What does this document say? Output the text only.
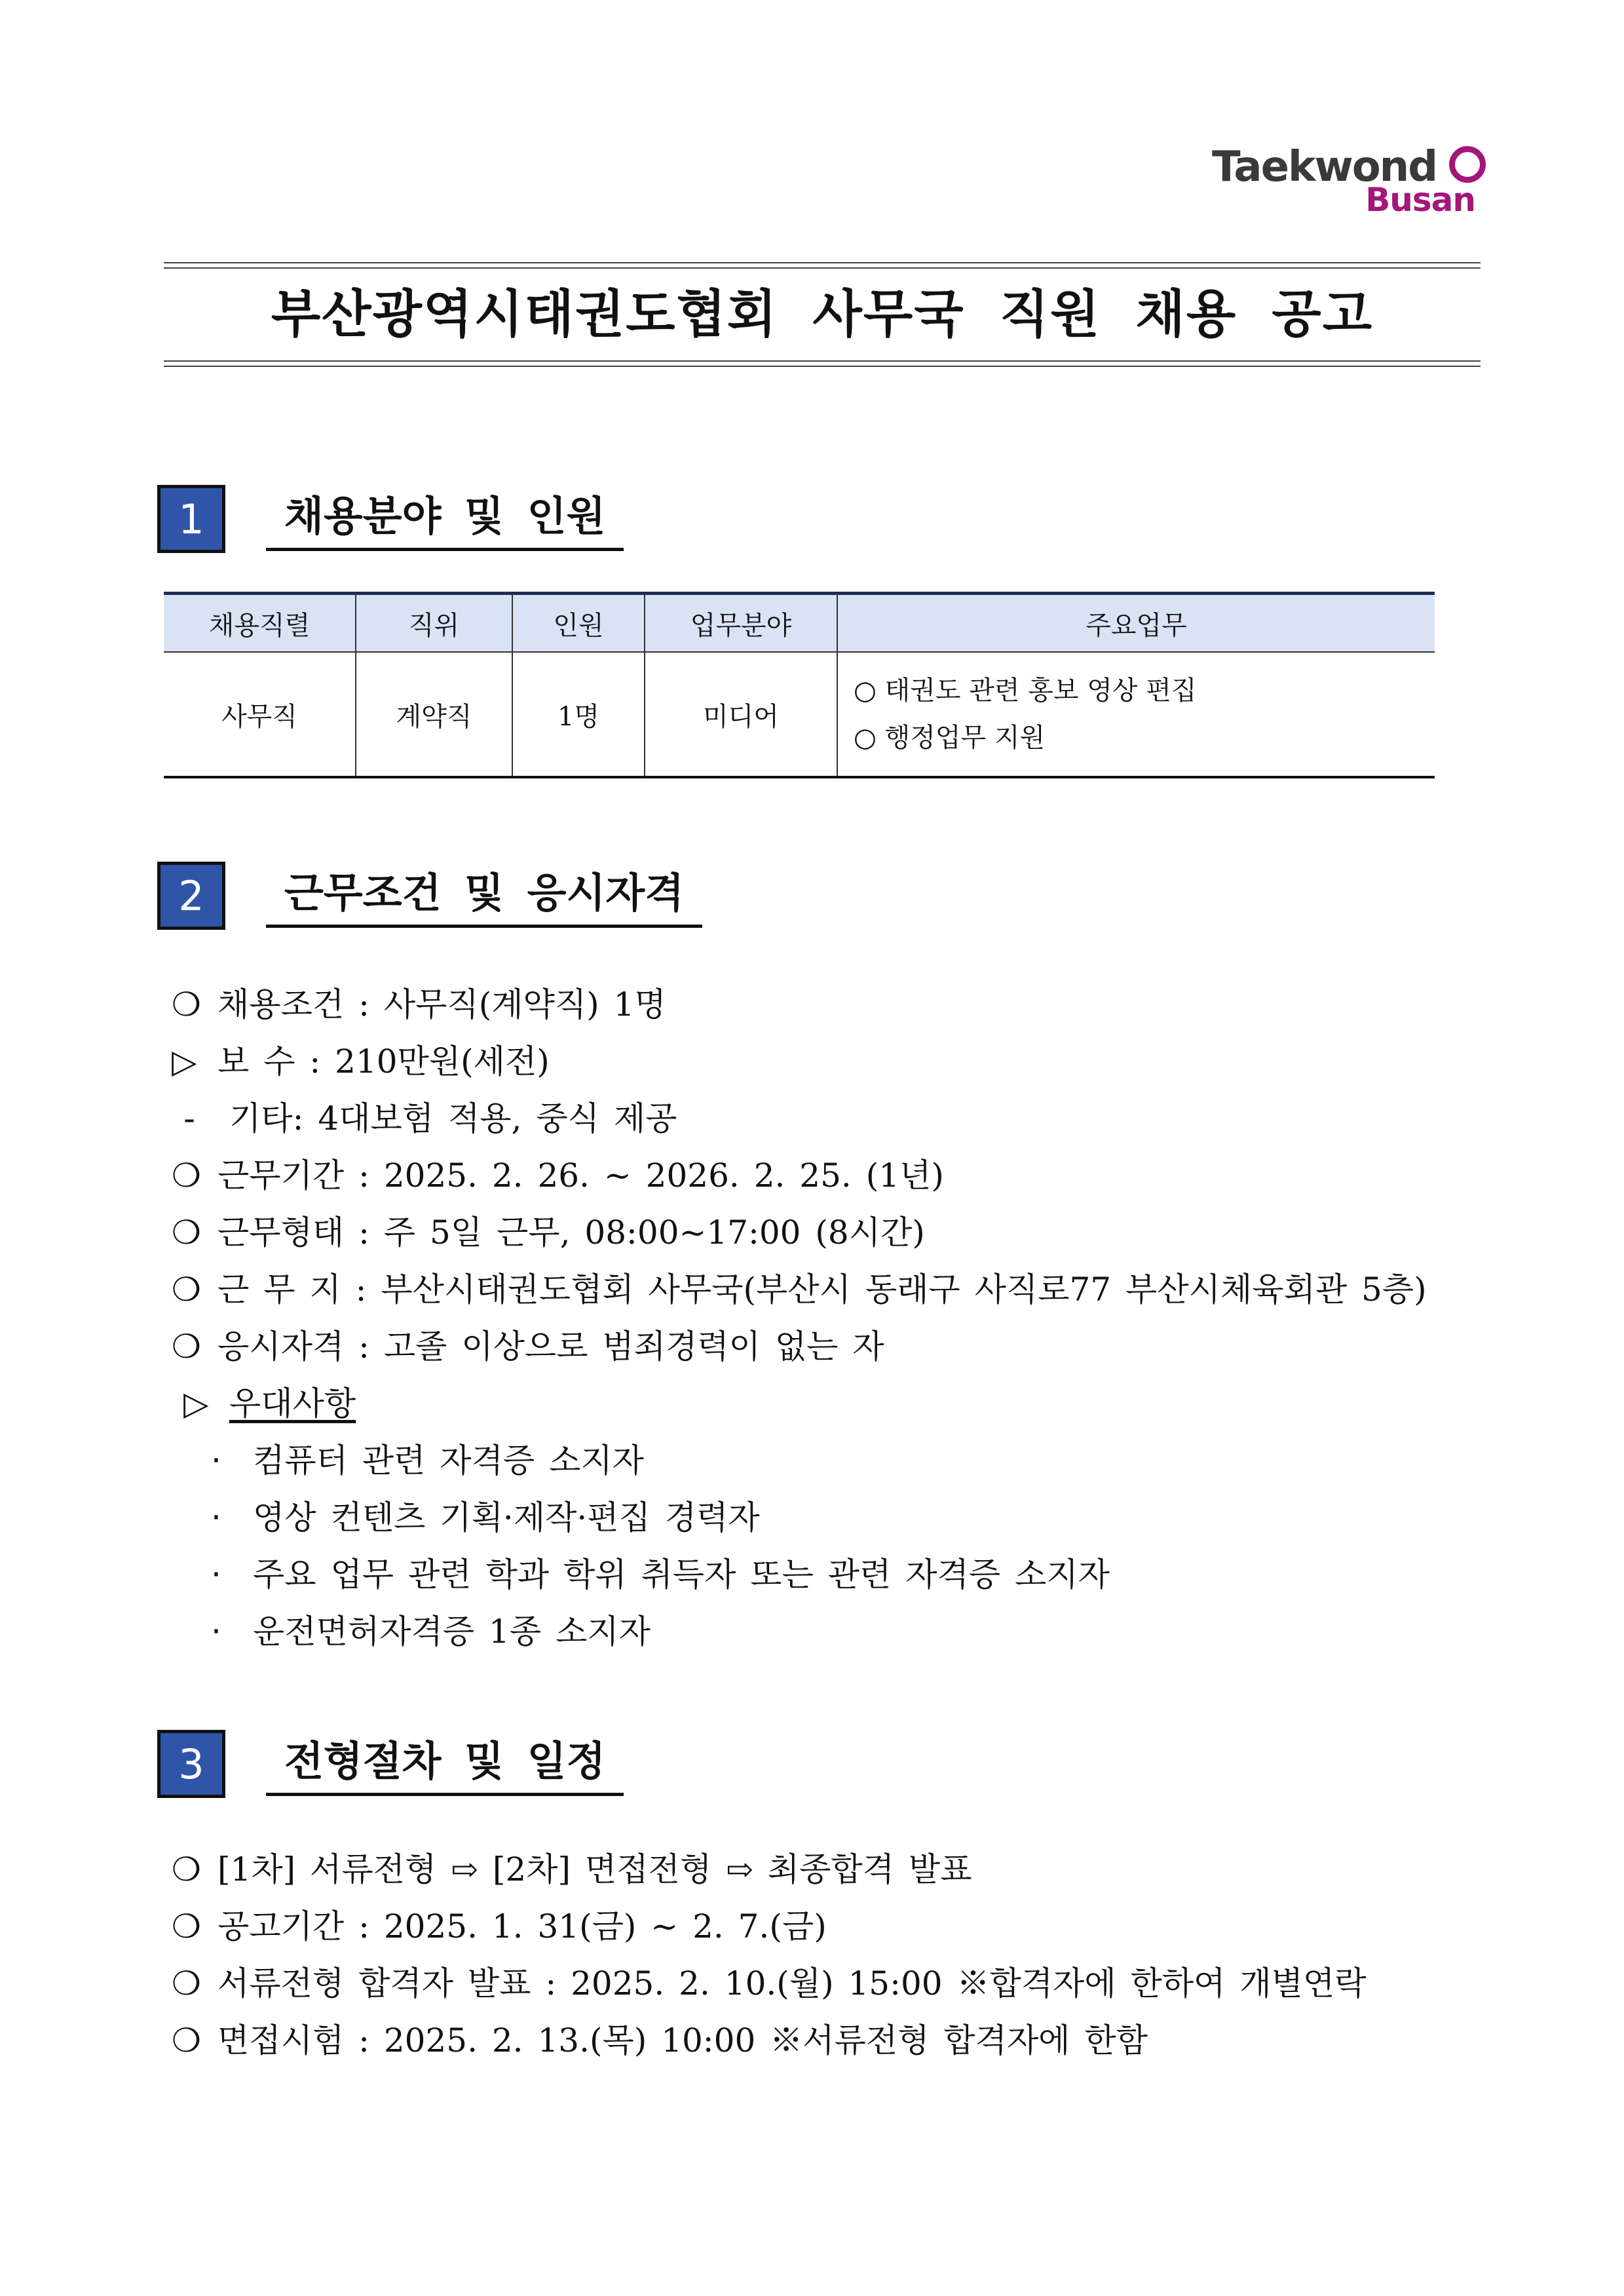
Taekwond
Busan
부산광역시태권도협회 사무국 직원 채용 공고
1	채용분야 및 인원
채용직렬	직위	인원	업무분야	주요업무
사무직	계약직	1명	미디어	○ 태권도 관련 홍보 영상 편집
○ 행정업무 지원
2	근무조건 및 응시자격
❍ 채용조건 : 사무직(계약직) 1명
▷ 보 수 : 210만원(세전)
- 기타: 4대보험 적용, 중식 제공
❍ 근무기간 : 2025. 2. 26. ~ 2026. 2. 25. (1년)
❍ 근무형태 : 주 5일 근무, 08:00~17:00 (8시간)
❍ 근 무 지 : 부산시태권도협회 사무국(부산시 동래구 사직로77 부산시체육회관 5층)
❍ 응시자격 : 고졸 이상으로 범죄경력이 없는 자
▷ 우대사항
· 컴퓨터 관련 자격증 소지자
· 영상 컨텐츠 기획·제작·편집 경력자
· 주요 업무 관련 학과 학위 취득자 또는 관련 자격증 소지자
· 운전면허자격증 1종 소지자
3	전형절차 및 일정
❍ [1차] 서류전형 ⇨ [2차] 면접전형 ⇨ 최종합격 발표
❍ 공고기간 : 2025. 1. 31(금) ∼ 2. 7.(금)
❍ 서류전형 합격자 발표 : 2025. 2. 10.(월) 15:00 ※합격자에 한하여 개별연락
❍ 면접시험 : 2025. 2. 13.(목) 10:00 ※서류전형 합격자에 한함
